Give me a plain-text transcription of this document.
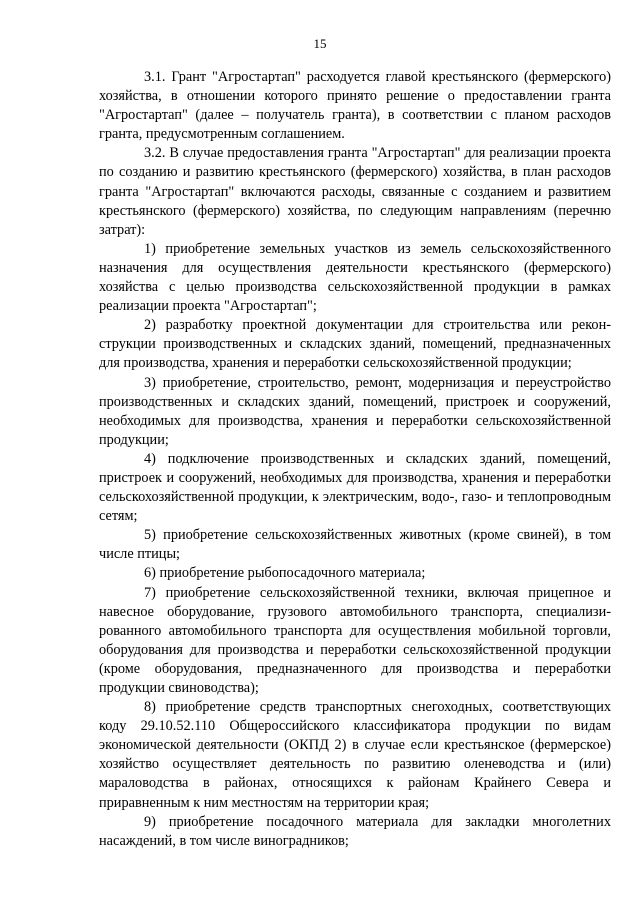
15

3.1. Грант "Агростартап" расходуется главой крестьянского (фермерского) хозяйства, в отношении которого принято решение о предоставлении гранта "Агростартап" (далее – получатель гранта), в соответствии с планом расходов гранта, предусмотренным соглашением.

3.2. В случае предоставления гранта "Агростартап" для реализации проекта по созданию и развитию крестьянского (фермерского) хозяйства, в план расходов гранта "Агростартап" включаются расходы, связанные с созданием и развитием крестьянского (фермерского) хозяйства, по следующим направлениям (перечню затрат):

1) приобретение земельных участков из земель сельскохозяйственного назначения для осуществления деятельности крестьянского (фермерского) хозяйства с целью производства сельскохозяйственной продукции в рамках реализации проекта "Агростартап";

2) разработку проектной документации для строительства или реконструкции производственных и складских зданий, помещений, предназначенных для производства, хранения и переработки сельскохозяйственной продукции;

3) приобретение, строительство, ремонт, модернизация и переустройство производственных и складских зданий, помещений, пристроек и сооружений, необходимых для производства, хранения и переработки сельскохозяйственной продукции;

4) подключение производственных и складских зданий, помещений, пристроек и сооружений, необходимых для производства, хранения и переработки сельскохозяйственной продукции, к электрическим, водо-, газо- и теплопроводным сетям;

5) приобретение сельскохозяйственных животных (кроме свиней), в том числе птицы;

6) приобретение рыбопосадочного материала;

7) приобретение сельскохозяйственной техники, включая прицепное и навесное оборудование, грузового автомобильного транспорта, специализированного автомобильного транспорта для осуществления мобильной торговли, оборудования для производства и переработки сельскохозяйственной продукции (кроме оборудования, предназначенного для производства и переработки продукции свиноводства);

8) приобретение средств транспортных снегоходных, соответствующих коду 29.10.52.110 Общероссийского классификатора продукции по видам экономической деятельности (ОКПД 2) в случае если крестьянское (фермерское) хозяйство осуществляет деятельность по развитию оленеводства и (или) мараловодства в районах, относящихся к районам Крайнего Севера и приравненным к ним местностям на территории края;

9) приобретение посадочного материала для закладки многолетних насаждений, в том числе виноградников;
